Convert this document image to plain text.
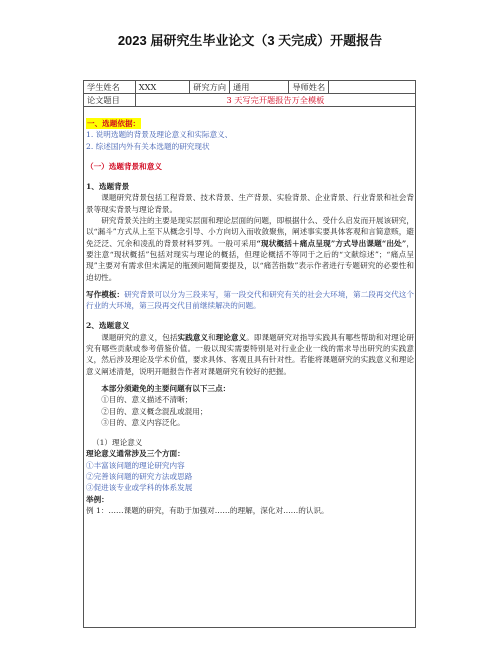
2023 届研究生毕业论文（3 天完成）开题报告
学生姓名	XXX	研究方向	通用	导师姓名	
论文题目	3 天写完开题报告万全模板				
一、选题依据：
1. 说明选题的背景及理论意义和实际意义、
2. 综述国内外有关本选题的研究现状
（一）选题背景和意义
1、选题背景
课题研究背景包括工程背景、技术背景、生产背景、实验背景、企业背景、行业背景和社会背景等现实背景与理论背景。
研究背景关注的主要是现实层面和理论层面的问题，即根据什么、受什么启发而开展该研究，以“漏斗”方式从上至下从概念引导、小方向切入而收敛聚焦，阐述事实要具体客观和言简意赅，避免泛泛、冗余和凌乱的背景材料罗列。一般可采用“现状概括＋痛点呈现”方式导出课题“出处”，要注意“现状概括”包括对现实与理论的概括，但理论概括不等同于之后的“文献综述”；“痛点呈现”主要对有需求但未满足的瓶颈问题简要提及，以“痛苦指数”表示作者进行专题研究的必要性和迫切性。
写作模板：研究背景可以分为三段来写，第一段交代和研究有关的社会大环境，第二段再交代这个行业的大环境，第三段再交代目前继续解决的问题。
2、选题意义
课题研究的意义，包括实践意义和理论意义。即课题研究对指导实践具有哪些帮助和对理论研究有哪些贡献或参考借鉴价值。一般以现实需要特别是对行业企业一线的需求导出研究的实践意义，然后涉及理论及学术价值，要求具体、客观且具有针对性。若能将课题研究的实践意义和理论意义阐述清楚，说明开题报告作者对课题研究有较好的把握。
本部分须避免的主要问题有以下三点：
①目的、意义描述不清晰；
②目的、意义概念混乱或混用；
③目的、意义内容泛化。
（1）理论意义
理论意义通常涉及三个方面：
①丰富该问题的理论研究内容
②完善该问题的研究方法或思路
③促进该专业或学科的体系发展
举例：
例 1：……课题的研究，有助于加强对……的理解，深化对……的认识。
